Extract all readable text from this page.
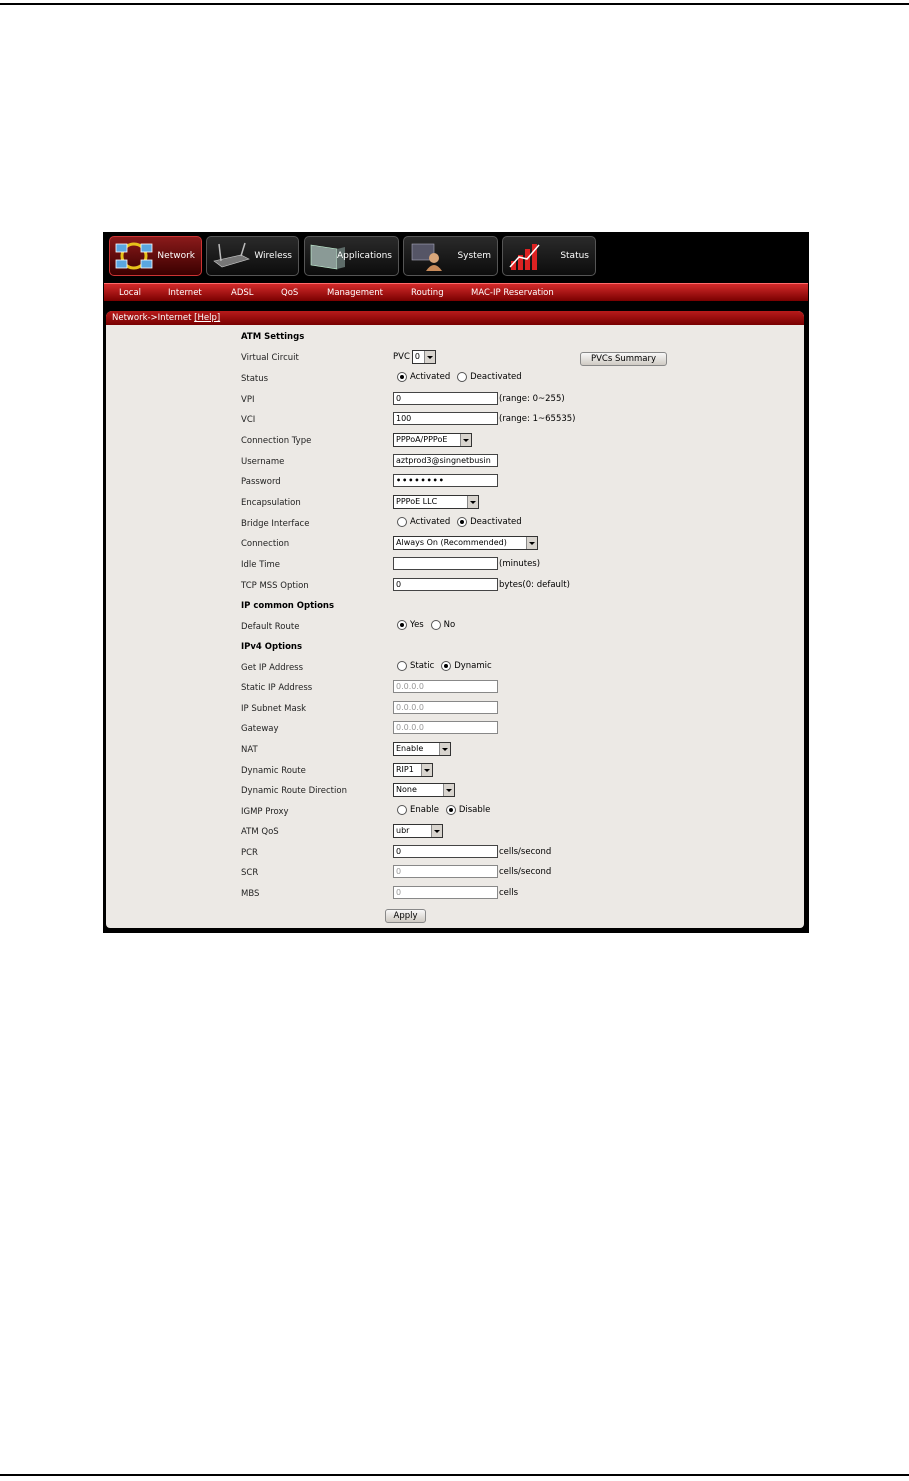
Network	Wireless	Applications	System	Status
Local	Internet	ADSL	QoS	Management	Routing	MAC-IP Reservation
Network->Internet [Help]
ATM Settings
Virtual Circuit	PVC 0	PVCs Summary
Status	Activated Deactivated
VPI	0	(range: 0~255)
VCI	100	(range: 1~65535)
Connection Type	PPPoA/PPPoE
Username	aztprod3@singnetbusin
Password	••••••••
Encapsulation	PPPoE LLC
Bridge Interface	Activated Deactivated
Connection	Always On (Recommended)
Idle Time	(minutes)
TCP MSS Option	0	bytes(0: default)
IP common Options
Default Route	Yes No
IPv4 Options
Get IP Address	Static Dynamic
Static IP Address	0.0.0.0
IP Subnet Mask	0.0.0.0
Gateway	0.0.0.0
NAT	Enable
Dynamic Route	RIP1
Dynamic Route Direction	None
IGMP Proxy	Enable Disable
ATM QoS	ubr
PCR	0	cells/second
SCR	0	cells/second
MBS	0	cells
Apply
